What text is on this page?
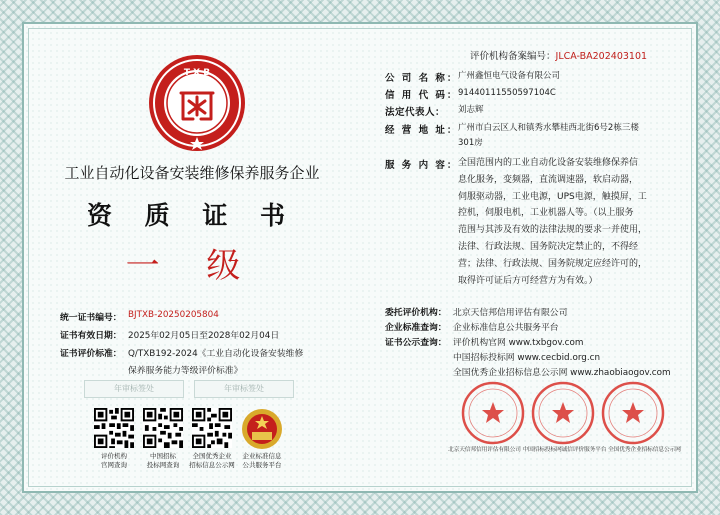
评价机构备案编号：JLCA-BA202403101
T X B
工业自动化设备安装维修保养服务企业
资 质 证 书
一 级
公 司 名 称： 广州鑫恒电气设备有限公司
信 用 代 码： 91440111550597104C
法定代表人： 刘志辉
经 营 地 址： 广州市白云区人和镇秀水攀桂西北街6号2栋三楼
301房
服 务 内 容： 全国范围内的工业自动化设备安装维修保养信
息化服务，变频器，直流调速器，软启动器，
伺服驱动器，工业电源，UPS电源，触摸屏，工
控机，伺服电机，工业机器人等。（以上服务
范围与其涉及有效的法律法规的要求一并使用，
法律、行政法规、国务院决定禁止的，不得经
营；法律、行政法规、国务院规定应经许可的，
取得许可证后方可经营方为有效。）
统一证书编号： BJTXB-20250205804
证书有效日期： 2025年02月05日至2028年02月04日
证书评价标准： Q/TXB192-2024《工业自动化设备安装维修
保养服务能力等级评价标准》
年审标签处	年审标签处
评价机构
官网查询
中国招标
投标网查询
全国优秀企业
招标信息公示网
企业标准信息
公共服务平台
委托评价机构： 北京天信邦信用评估有限公司
企业标准查询： 企业标准信息公共服务平台
证书公示查询： 评价机构官网 www.txbgov.com
中国招标投标网 www.cecbid.org.cn
全国优秀企业招标信息公示网 www.zhaobiaogov.com
北京天信邦信用评估有限公司 中国招标投标网诚信评价服务平台 全国优秀企业招标信息公示网
